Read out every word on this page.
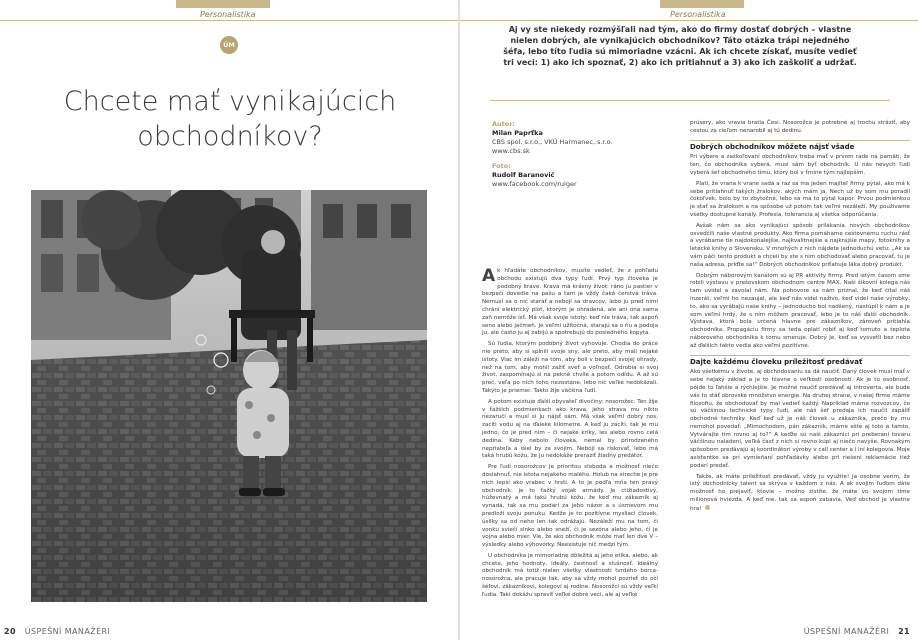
Personalistika
ÚM
Chcete mať vynikajúcich
obchodníkov?
20 ÚSPEŠNÍ MANAŽÉRI
Personalistika
Aj vy ste niekedy rozmýšľali nad tým, ako do firmy dostať dobrých – vlastne nielen dobrých, ale vynikajúcich obchodníkov? Táto otázka trápi nejedného šéfa, lebo títo ľudia sú mimoriadne vzácni. Ak ich chcete získať, musíte vedieť tri veci: 1) ako ich spoznať, 2) ako ich pritiahnuť a 3) ako ich zaškoliť a udržať.
ÚSPEŠNÍ MANAŽÉRI 21
Autor:
Milan Paprťka
CBS spol. s.r.o., VKÚ Harmanec, s.r.o.
www.cbs.sk
Foto:
Rudolf Baranovič
www.facebook.com/ruiger

Ak hľadáte obchodníkov, musíte vedieť, že z pohľadu obchodu existujú dva typy ľudí. Prvý typ človeka je podobný krave. Krava má krásny život: ráno ju pastier v bezpečí dovedie na pašu a tam je vždy čaká čerstvá tráva. Nemusí sa o nič starať a nebojí sa dravcov, lebo ju pred nimi chráni elektrický plot, ktorým je ohradená, ale ani ona sama zaň nemôže ísť. Má však svoje istoty: keď nie tráva, tak aspoň seno alebo jačmeň. Je veľmi užitočná, starajú sa o ňu a podoja ju, ale často ju aj zabijú a spotrebujú do posledného kopyta.

Sú ľudia, ktorým podobný život vyhovuje. Chodia do práce nie preto, aby si splnili svoje sny, ale preto, aby mali nejaké istoty. Viac im záleží na tom, aby boli v bezpečí svojej ohrady, než na tom, aby mohli zažiť sveť a voľnosť. Odrobia si svoj život, zaspomínajú si na pekné chvíle a potom odídu. A až sú preč, veľa po nich toho nezostane, lebo nič veľké nedokázali. Takýto je priemer. Takto žije väčšina ľudí.

A potom existuje ďalší obyvateľ divočiny: nosorožec. Ten žije v ťažších podmienkach ako krava, jeho strava mu nikto nezaručí a musí si ju nájsť sám. Má však veľmi dobrý nos, zacíti vodu aj na ďaleké kilometre. A keď ju zacíti, tak je mu jedno, čo je pred ním – či nejaké kríky, les alebo rovno celá dedina. Keby nebolo človeka, nemal by prirodzeného nepriateľa a išiel by za svojim. Nebojí sa riskovať, lebo má taká hrubú kožu, že ju nedokáže preraziť žiadny predátor.

Pre ľudí nosorožcov je prioritou sloboda a možnosť niečo dosiahnuť, nie istota nejakého malého. Holub na streche je pre nich lepší ako vrabec v hrsti. A to je podľa mňa ten pravý obchodník: je to ťažký vojak armády. Je ctižiadostivý, húževnatý a má takú hrubú kožu, že keď mu zákazník aj vynadá, tak sa mu podarí za jeho názor a s úsmevom mu predloží svoju ponuku. Kedže je to pozitívne mysliaci človek, úsilky sa od neho len tak odrážajú. Nezáleží mu na tom, či vonku sviečí slnko alebo sneží, či je sezóna alebo jeho, či je vojna alebo mier. Vie, že ako obchodník môže mať len dve V – výsledky alebo výhovorky. Neexistuje nič medzi tým.

U obchodníka je mimoriadne dôležitá aj jeho etika, alebo, ak chcete, jeho hodnoty, ideály, čestnosť a slušnosť. Ideálny obchodník má totiž nielen všetky vlastnosti tvrdého borca-nosorožca, ale pracuje tak, aby sa vždy mohol pozrieť do očí šéfovi, zákazníkovi, kolegovi aj rodine. Nosorožci sú vždy veľkí ľudia. Takí dokážu spraviť veľké dobré veci, ale aj veľké

prúsery, ako vravia bratia Česi. Nosorožca je potrebné aj trochu stráziť, aby cestou za cieľom nenarobil aj tú dedinu.

Dobrých obchodníkov môžete nájsť všade

Pri výbere a zaškoľovaní obchodníkov treba mať v prvom rade na pamäti, že ten, čo obchodníka vyberá, musí sám byť obchodník. U nás nevych ľudí vyberá šéf obchodného tímu, ktorý bol v ťrnine tým najlepším.

Platí, že vrana k vrane sadá a raz sa ma jeden majiteľ firmy pýtal, ako má k sebe pritiahnuť takých žralokov, akých mám ja. Nech už by som mu poradil čokoľvek, bolo by to zbytočné, lebo sa ma to pýtal kapor. Prvou podmienkou je stať sa žralokom a na spôsobe už potom tak veľmi nezáleží. My používame všetky dostupné kanály. Profesia, tolerancia aj všetka odporúčania.

Avšak nám sa ako vynikajúci spôsob prilákania nových obchodníkov osvedčili naše vlastné produkty. Ako firma pomáhame cestovnému ruchu rásť a vyrábame tie najdokonalejšie, najkvalitnejšie a najkrajšie mapy, fotoknihy a letecké knihy o Slovensku. V mnohých z nich nájdete jednoduchú vetu: „Ak sa vám páči tento produkt a chceli by ste s nim obchodovať alebo pracovať, tu je naša adresa, príďte sa!“ Dobrých obchodníkov priťahuje láka dobrý produkt.

Dobrým náborovým kanálom sú aj PR aktivity firmy. Pred istým časom sme robili výstavu v prešovskom obchodnom centre MAX. Naši šikovní kolega nás tam uvidel a zavolal nám. Na pohovore sa nám priznal, že keď čítal náš inzerát, veľmi ho nezaujal, ale keď nás videl naživo, keď videl naše výrobky, to, ako sa vyrábajú naše knihy – jednoducho bol nadšený, nastúpil k nám a je som veľmi hrdý, že s ním môžem pracovať, lebo je to náš ďalší obchodník. Výstava, ktorá bola určená hlavne pre zákazníkov, zároveň pritiahla obchodníka. Propagáciu firmy sa teda oplatí robiť aj keď tomuto a teplota náborového obchodníka k tomu smeruje. Dobrý je, keď sa vysvetlí bez nebo až ďalších takto vedia ako veľmi pozitívne.

Dajte každému človeku príležitosť predávať

Ako všetkému v živote, aj obchodovaniu sa dá naučiť. Daný človek musí mať v sebe nejaký základ a je to hlavne o veľkosti osobnosti. Ak je to osobnosť, pôjde to ľahšie a rýchlejšie. Je možné naučiť predávať aj introverta, ale bude vás to stáť obrovské množstvo energie. Na druhej strane, v našej firme máme filozofiu, že obchodovať by mal vedieť každý. Napríklad máme rozvozcov, čo sú väčšinou technické typy ľudí, ale náš šéf predaja ich naučil zapáliť obchodné techniky. Keď keď už je náš človek u zákazníka, prečo by mu nemohol povedať: „Mimochodom, pán zákazník, máme ešte aj toto a tamto. Vytvárajte tím rovno aj to?“ A keďže sú naši zákazníci pri preberaní tovaru väčšinou naladení, veľká časť z nich si rovno kúpi aj niečo navyše. Rovnakým spôsobom predávajú aj koordinátori výroby v call center a i iní kolegovia. Moje asistentke sa pri vymieňaní pohľadávky alebo pri riešení reklamácie tiež podarí predať.

Takže, ak máte príležitosť predávať, vždy ju využite! Ja osobne verím, že istý obchodnícky talent sa skrýva v každom z nás. A ak svojim ľuďom dáte možnosť ho prejaviť, ktovie – možno zistíte, že máte vo svojom tíme miliónová hviezda. A keď nie, tak sa aspoň zabavia. Veď obchod je vlastne hra!
